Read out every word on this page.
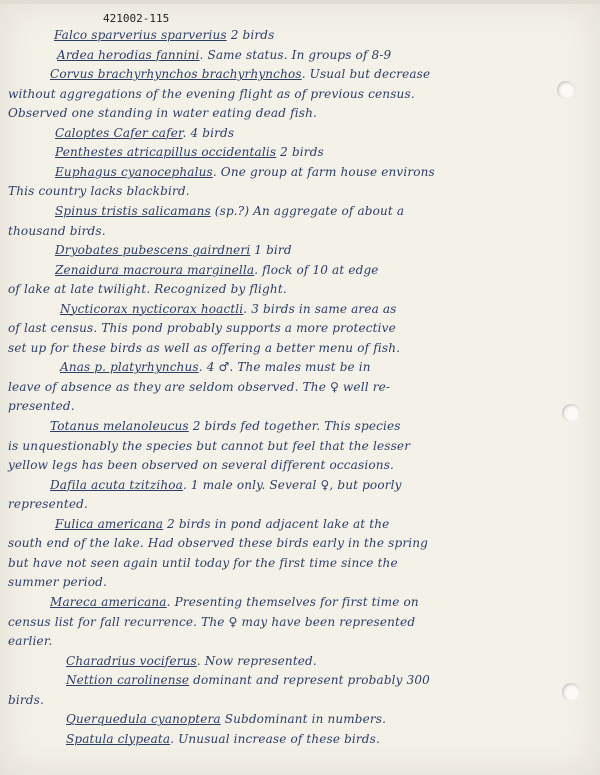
421002-115
Falco sparverius sparverius 2 birds
Ardea herodias fannini. Same status. In groups of 8-9
Corvus brachyrhynchos brachyrhynchos. Usual but decrease
without aggregations of the evening flight as of previous census.
Observed one standing in water eating dead fish.
Caloptes Cafer cafer. 4 birds
Penthestes atricapillus occidentalis 2 birds
Euphagus cyanocephalus. One group at farm house environs
This country lacks blackbird.
Spinus tristis salicamans (sp.?) An aggregate of about a
thousand birds.
Dryobates pubescens gairdneri 1 bird
Zenaidura macroura marginella. flock of 10 at edge
of lake at late twilight. Recognized by flight.
Nycticorax nycticorax hoactli. 3 birds in same area as
of last census. This pond probably supports a more protective
set up for these birds as well as offering a better menu of fish.
Anas p. platyrhynchus. 4 ♂. The males must be in
leave of absence as they are seldom observed. The ♀ well re-
presented.
Totanus melanoleucus 2 birds fed together. This species
is unquestionably the species but cannot but feel that the lesser
yellow legs has been observed on several different occasions.
Dafila acuta tzitzihoa. 1 male only. Several ♀, but poorly
represented.
Fulica americana 2 birds in pond adjacent lake at the
south end of the lake. Had observed these birds early in the spring
but have not seen again until today for the first time since the
summer period.
Mareca americana. Presenting themselves for first time on
census list for fall recurrence. The ♀ may have been represented
earlier.
Charadrius vociferus. Now represented.
Nettion carolinense dominant and represent probably 300
birds.
Querquedula cyanoptera Subdominant in numbers.
Spatula clypeata. Unusual increase of these birds.
